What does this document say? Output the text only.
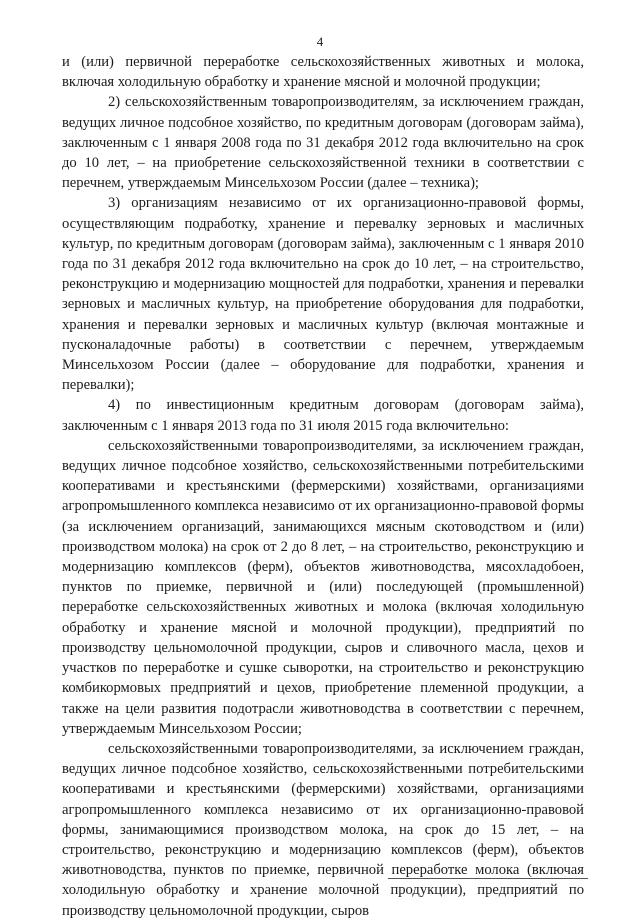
4

и (или) первичной переработке сельскохозяйственных животных и молока, включая холодильную обработку и хранение мясной и молочной продукции;

2) сельскохозяйственным товаропроизводителям, за исключением граждан, ведущих личное подсобное хозяйство, по кредитным договорам (договорам займа), заключенным с 1 января 2008 года по 31 декабря 2012 года включительно на срок до 10 лет, – на приобретение сельскохозяйственной техники в соответствии с перечнем, утверждаемым Минсельхозом России (далее – техника);

3) организациям независимо от их организационно-правовой формы, осуществляющим подработку, хранение и перевалку зерновых и масличных культур, по кредитным договорам (договорам займа), заключенным с 1 января 2010 года по 31 декабря 2012 года включительно на срок до 10 лет, – на строительство, реконструкцию и модернизацию мощностей для подработки, хранения и перевалки зерновых и масличных культур, на приобретение оборудования для подработки, хранения и перевалки зерновых и масличных культур (включая монтажные и пусконаладочные работы) в соответствии с перечнем, утверждаемым Минсельхозом России (далее – оборудование для подработки, хранения и перевалки);

4) по инвестиционным кредитным договорам (договорам займа), заключенным с 1 января 2013 года по 31 июля 2015 года включительно:

сельскохозяйственными товаропроизводителями, за исключением граждан, ведущих личное подсобное хозяйство, сельскохозяйственными потребительскими кооперативами и крестьянскими (фермерскими) хозяйствами, организациями агропромышленного комплекса независимо от их организационно-правовой формы (за исключением организаций, занимающихся мясным скотоводством и (или) производством молока) на срок от 2 до 8 лет, – на строительство, реконструкцию и модернизацию комплексов (ферм), объектов животноводства, мясохладобоен, пунктов по приемке, первичной и (или) последующей (промышленной) переработке сельскохозяйственных животных и молока (включая холодильную обработку и хранение мясной и молочной продукции), предприятий по производству цельномолочной продукции, сыров и сливочного масла, цехов и участков по переработке и сушке сыворотки, на строительство и реконструкцию комбикормовых предприятий и цехов, приобретение племенной продукции, а также на цели развития подотрасли животноводства в соответствии с перечнем, утверждаемым Минсельхозом России;

сельскохозяйственными товаропроизводителями, за исключением граждан, ведущих личное подсобное хозяйство, сельскохозяйственными потребительскими кооперативами и крестьянскими (фермерскими) хозяйствами, организациями агропромышленного комплекса независимо от их организационно-правовой формы, занимающимися производством молока, на срок до 15 лет, – на строительство, реконструкцию и модернизацию комплексов (ферм), объектов животноводства, пунктов по приемке, первичной переработке молока (включая холодильную обработку и хранение молочной продукции), предприятий по производству цельномолочной продукции, сыров
